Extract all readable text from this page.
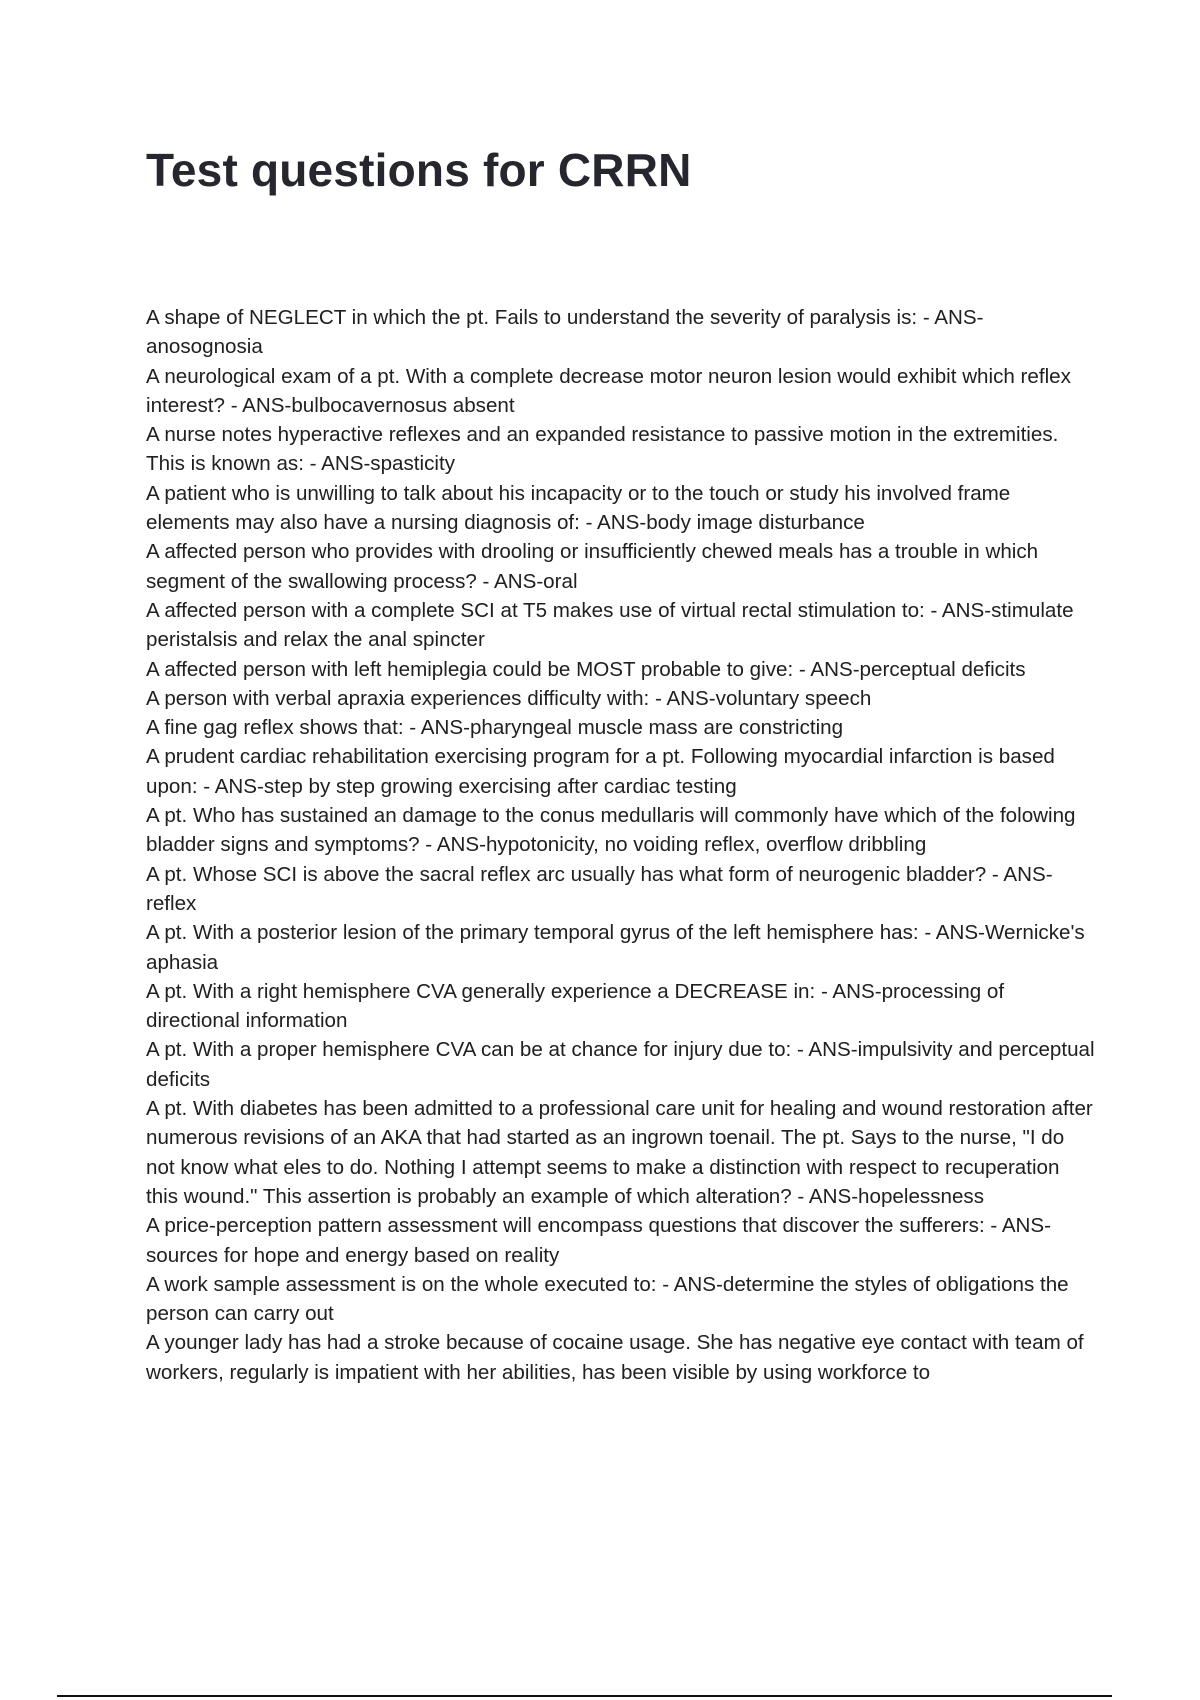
Test questions for CRRN

A shape of NEGLECT in which the pt. Fails to understand the severity of paralysis is: - ANS-anosognosia

A neurological exam of a pt. With a complete decrease motor neuron lesion would exhibit which reflex interest? - ANS-bulbocavernosus absent

A nurse notes hyperactive reflexes and an expanded resistance to passive motion in the extremities. This is known as: - ANS-spasticity

A patient who is unwilling to talk about his incapacity or to the touch or study his involved frame elements may also have a nursing diagnosis of: - ANS-body image disturbance

A affected person who provides with drooling or insufficiently chewed meals has a trouble in which segment of the swallowing process? - ANS-oral

A affected person with a complete SCI at T5 makes use of virtual rectal stimulation to: - ANS-stimulate peristalsis and relax the anal spincter

A affected person with left hemiplegia could be MOST probable to give: - ANS-perceptual deficits

A person with verbal apraxia experiences difficulty with: - ANS-voluntary speech

A fine gag reflex shows that: - ANS-pharyngeal muscle mass are constricting

A prudent cardiac rehabilitation exercising program for a pt. Following myocardial infarction is based upon: - ANS-step by step growing exercising after cardiac testing

A pt. Who has sustained an damage to the conus medullaris will commonly have which of the folowing bladder signs and symptoms? - ANS-hypotonicity, no voiding reflex, overflow dribbling

A pt. Whose SCI is above the sacral reflex arc usually has what form of neurogenic bladder? - ANS-reflex

A pt. With a posterior lesion of the primary temporal gyrus of the left hemisphere has: - ANS-Wernicke's aphasia

A pt. With a right hemisphere CVA generally experience a DECREASE in: - ANS-processing of directional information

A pt. With a proper hemisphere CVA can be at chance for injury due to: - ANS-impulsivity and perceptual deficits

A pt. With diabetes has been admitted to a professional care unit for healing and wound restoration after numerous revisions of an AKA that had started as an ingrown toenail. The pt. Says to the nurse, "I do not know what eles to do. Nothing I attempt seems to make a distinction with respect to recuperation this wound." This assertion is probably an example of which alteration? - ANS-hopelessness

A price-perception pattern assessment will encompass questions that discover the sufferers: - ANS-sources for hope and energy based on reality

A work sample assessment is on the whole executed to: - ANS-determine the styles of obligations the person can carry out

A younger lady has had a stroke because of cocaine usage. She has negative eye contact with team of workers, regularly is impatient with her abilities, has been visible by using workforce to
